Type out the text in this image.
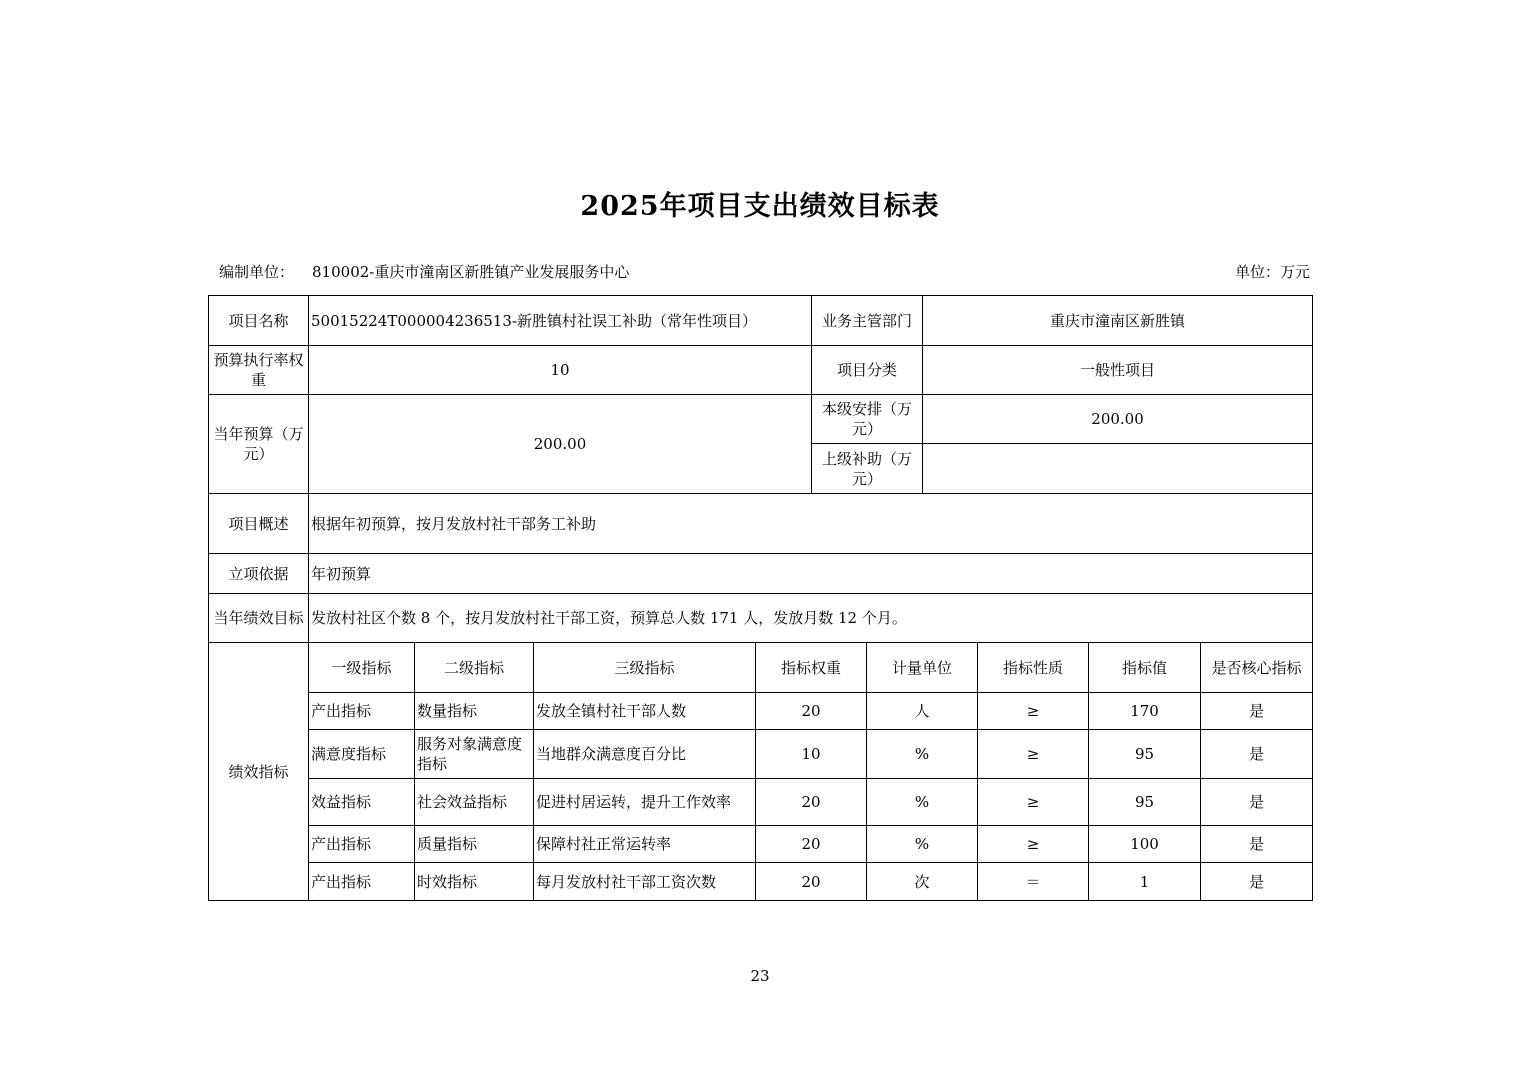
2025年项目支出绩效目标表
编制单位： 810002-重庆市潼南区新胜镇产业发展服务中心	单位：万元
项目名称	50015224T000004236513-新胜镇村社误工补助（常年性项目）				业务主管部门		重庆市潼南区新胜镇			
预算执行率权重	10				项目分类		一般性项目			
当年预算（万元）	200.00				本级安排（万元）		200.00			
					上级补助（万元）					
项目概述	根据年初预算，按月发放村社干部务工补助									
立项依据	年初预算									
当年绩效目标	发放村社区个数 8 个，按月发放村社干部工资，预算总人数 171 人，发放月数 12 个月。									
绩效指标	一级指标	二级指标	三级指标	指标权重		计量单位		指标性质	指标值	是否核心指标
	产出指标	数量指标	发放全镇村社干部人数	20		人		≥	170	是
	满意度指标	服务对象满意度指标	当地群众满意度百分比	10		%		≥	95	是
	效益指标	社会效益指标	促进村居运转，提升工作效率	20		%		≥	95	是
	产出指标	质量指标	保障村社正常运转率	20		%		≥	100	是
	产出指标	时效指标	每月发放村社干部工资次数	20		次		＝	1	是
23
